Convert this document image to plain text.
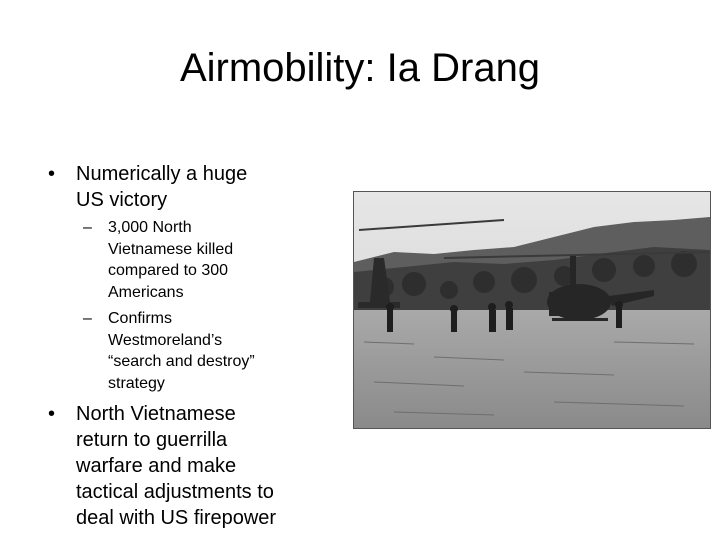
Airmobility: Ia Drang
• Numerically a huge
US victory
– 3,000 North
Vietnamese killed
compared to 300
Americans
– Confirms
Westmoreland’s
“search and destroy”
strategy
• North Vietnamese
return to guerrilla
warfare and make
tactical adjustments to
deal with US firepower
